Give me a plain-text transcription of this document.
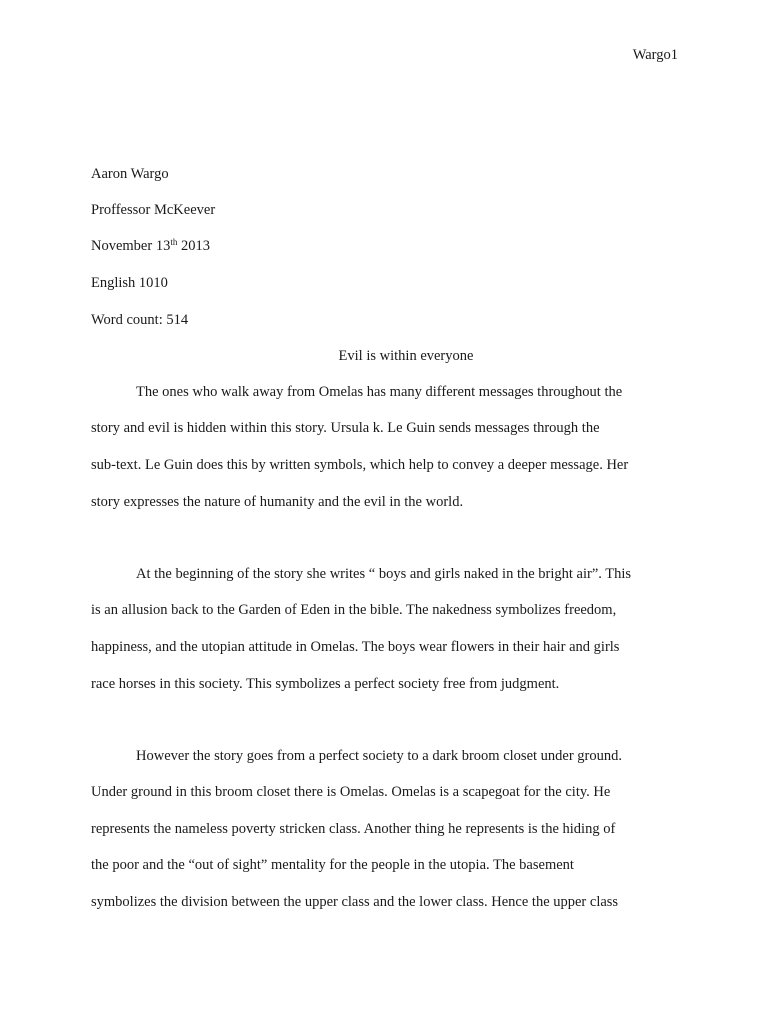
Wargo1
Aaron Wargo
Proffessor McKeever
November 13th 2013
English 1010
Word count: 514
Evil is within everyone
The ones who walk away from Omelas has many different messages throughout the
story and evil is hidden within this story. Ursula k. Le Guin sends messages through the
sub-text. Le Guin does this by written symbols, which help to convey a deeper message. Her
story expresses the nature of humanity and the evil in the world.
At the beginning of the story she writes “ boys and girls naked in the bright air”. This
is an allusion back to the Garden of Eden in the bible. The nakedness symbolizes freedom,
happiness, and the utopian attitude in Omelas. The boys wear flowers in their hair and girls
race horses in this society. This symbolizes a perfect society free from judgment.
However the story goes from a perfect society to a dark broom closet under ground.
Under ground in this broom closet there is Omelas. Omelas is a scapegoat for the city. He
represents the nameless poverty stricken class. Another thing he represents is the hiding of
the poor and the “out of sight” mentality for the people in the utopia. The basement
symbolizes the division between the upper class and the lower class. Hence the upper class
